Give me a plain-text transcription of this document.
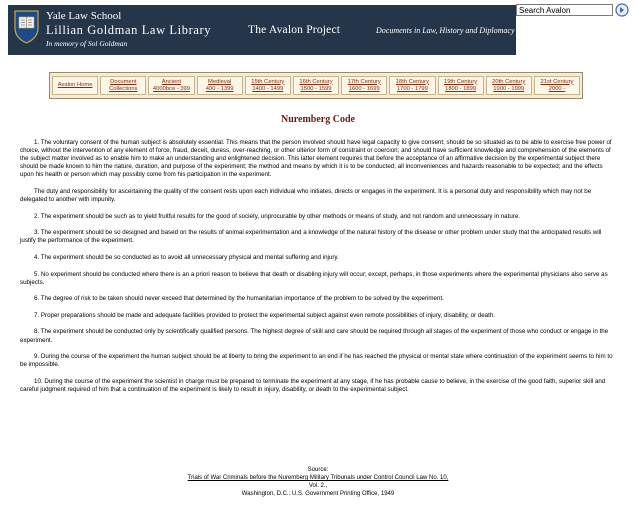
Yale Law School
Lillian Goldman Law Library
In memory of Sol Goldman
The Avalon Project	Documents in Law, History and Diplomacy
Search Avalon
Avalon Home
Document
Collections
Ancient
4000bce - 399
Medieval
400 - 1399
15th Century
1400 - 1499
16th Century
1500 - 1599
17th Century
1600 - 1699
18th Century
1700 - 1799
19th Century
1800 - 1899
20th Century
1900 - 1999
21st Century
2000 -
Nuremberg Code

1. The voluntary consent of the human subject is absolutely essential. This means that the person involved should have legal capacity to give consent; should be so situated as to be able to exercise free power of choice, without the intervention of any element of force, fraud, deceit, duress, over-reaching, or other ulterior form of constraint or coercion; and should have sufficient knowledge and comprehension of the elements of the subject matter involved as to enable him to make an understanding and enlightened decision. This latter element requires that before the acceptance of an affirmative decision by the experimental subject there should be made known to him the nature, duration, and purpose of the experiment; the method and means by which it is to be conducted; all inconveniences and hazards reasonable to be expected; and the effects upon his health or person which may possibly come from his participation in the experiment.

The duty and responsibility for ascertaining the quality of the consent rests upon each individual who initiates, directs or engages in the experiment. It is a personal duty and responsibility which may not be delegated to another with impunity.

2. The experiment should be such as to yield fruitful results for the good of society, unprocurable by other methods or means of study, and not random and unnecessary in nature.

3. The experiment should be so designed and based on the results of animal experimentation and a knowledge of the natural history of the disease or other problem under study that the anticipated results will justify the performance of the experiment.

4. The experiment should be so conducted as to avoid all unnecessary physical and mental suffering and injury.

5. No experiment should be conducted where there is an a priori reason to believe that death or disabling injury will occur; except, perhaps, in those experiments where the experimental physicians also serve as subjects.

6. The degree of risk to be taken should never exceed that determined by the humanitarian importance of the problem to be solved by the experiment.

7. Proper preparations should be made and adequate facilities provided to protect the experimental subject against even remote possibilities of injury, disability, or death.

8. The experiment should be conducted only by scientifically qualified persons. The highest degree of skill and care should be required through all stages of the experiment of those who conduct or engage in the experiment.

9. During the course of the experiment the human subject should be at liberty to bring the experiment to an end if he has reached the physical or mental state where continuation of the experiment seems to him to be impossible.

10. During the course of the experiment the scientist in charge must be prepared to terminate the experiment at any stage, if he has probable cause to believe, in the exercise of the good faith, superior skill and careful judgment required of him that a continuation of the experiment is likely to result in injury, disability, or death to the experimental subject.

Source:
Trials of War Criminals before the Nuremberg Military Tribunals under Control Council Law No. 10,
Vol. 2.,
Washington, D.C.: U.S. Government Printing Office, 1949
